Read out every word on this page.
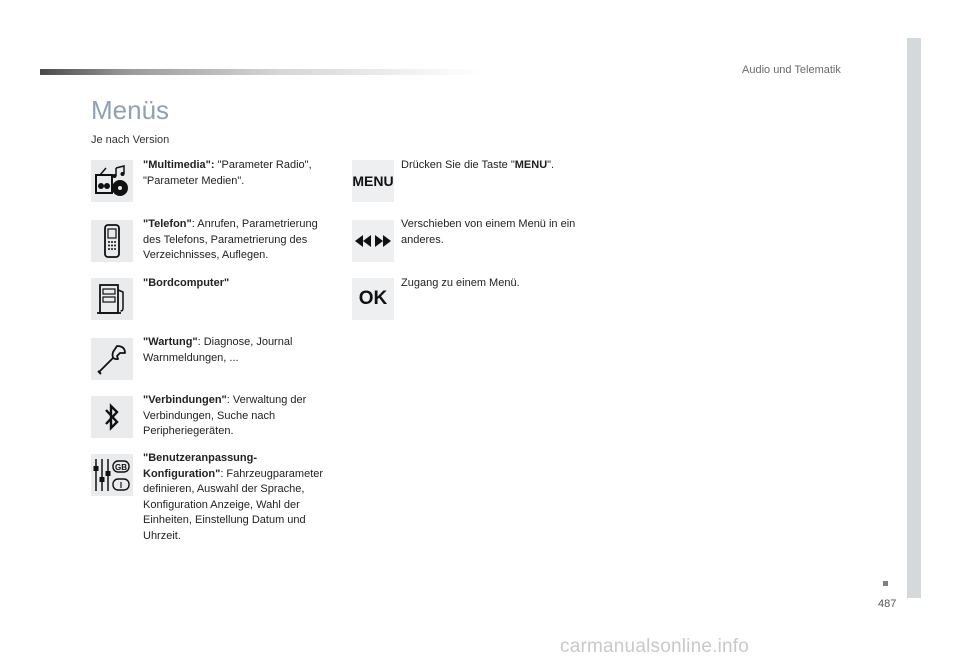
Audio und Telematik
487
Menüs
Je nach Version
"Multimedia": "Parameter Radio", "Parameter Medien".
"Telefon": Anrufen, Parametrierung des Telefons, Parametrierung des Verzeichnisses, Auflegen.
"Bordcomputer"
"Wartung": Diagnose, Journal Warnmeldungen, ...
"Verbindungen": Verwaltung der Verbindungen, Suche nach Peripheriegeräten.
GB
I
"Benutzeranpassung-Konfiguration": Fahrzeugparameter definieren, Auswahl der Sprache, Konfiguration Anzeige, Wahl der Einheiten, Einstellung Datum und Uhrzeit.
MENU
Drücken Sie die Taste "MENU".
Verschieben von einem Menü in ein anderes.
OK
Zugang zu einem Menü.
carmanualsonline.info
